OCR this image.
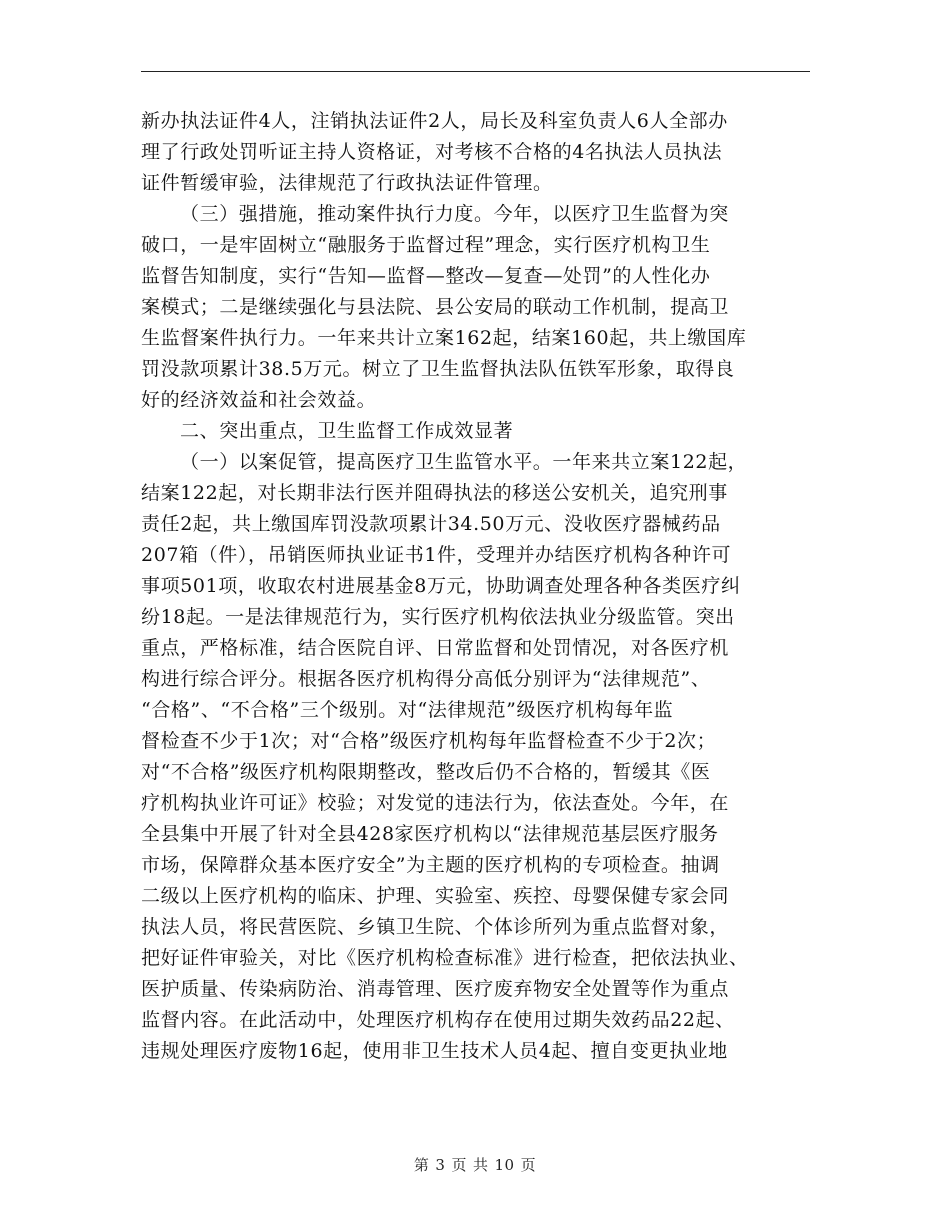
新办执法证件4人，注销执法证件2人，局长及科室负责人6人全部办
理了行政处罚听证主持人资格证，对考核不合格的4名执法人员执法
证件暂缓审验，法律规范了行政执法证件管理。
（三）强措施，推动案件执行力度。今年，以医疗卫生监督为突
破口，一是牢固树立“融服务于监督过程”理念，实行医疗机构卫生
监督告知制度，实行“告知—监督—整改—复查—处罚”的人性化办
案模式；二是继续强化与县法院、县公安局的联动工作机制，提高卫
生监督案件执行力。一年来共计立案162起，结案160起，共上缴国库
罚没款项累计38.5万元。树立了卫生监督执法队伍铁军形象，取得良
好的经济效益和社会效益。
二、突出重点，卫生监督工作成效显著
（一）以案促管，提高医疗卫生监管水平。一年来共立案122起，
结案122起，对长期非法行医并阻碍执法的移送公安机关，追究刑事
责任2起，共上缴国库罚没款项累计34.50万元、没收医疗器械药品
207箱（件），吊销医师执业证书1件，受理并办结医疗机构各种许可
事项501项，收取农村进展基金8万元，协助调查处理各种各类医疗纠
纷18起。一是法律规范行为，实行医疗机构依法执业分级监管。突出
重点，严格标准，结合医院自评、日常监督和处罚情况，对各医疗机
构进行综合评分。根据各医疗机构得分高低分别评为“法律规范”、
“合格”、“不合格”三个级别。对“法律规范”级医疗机构每年监
督检查不少于1次；对“合格”级医疗机构每年监督检查不少于2次；
对“不合格”级医疗机构限期整改，整改后仍不合格的，暂缓其《医
疗机构执业许可证》校验；对发觉的违法行为，依法查处。今年，在
全县集中开展了针对全县428家医疗机构以“法律规范基层医疗服务
市场，保障群众基本医疗安全”为主题的医疗机构的专项检查。抽调
二级以上医疗机构的临床、护理、实验室、疾控、母婴保健专家会同
执法人员，将民营医院、乡镇卫生院、个体诊所列为重点监督对象，
把好证件审验关，对比《医疗机构检查标准》进行检查，把依法执业、
医护质量、传染病防治、消毒管理、医疗废弃物安全处置等作为重点
监督内容。在此活动中，处理医疗机构存在使用过期失效药品22起、
违规处理医疗废物16起，使用非卫生技术人员4起、擅自变更执业地
第 3 页 共 10 页
